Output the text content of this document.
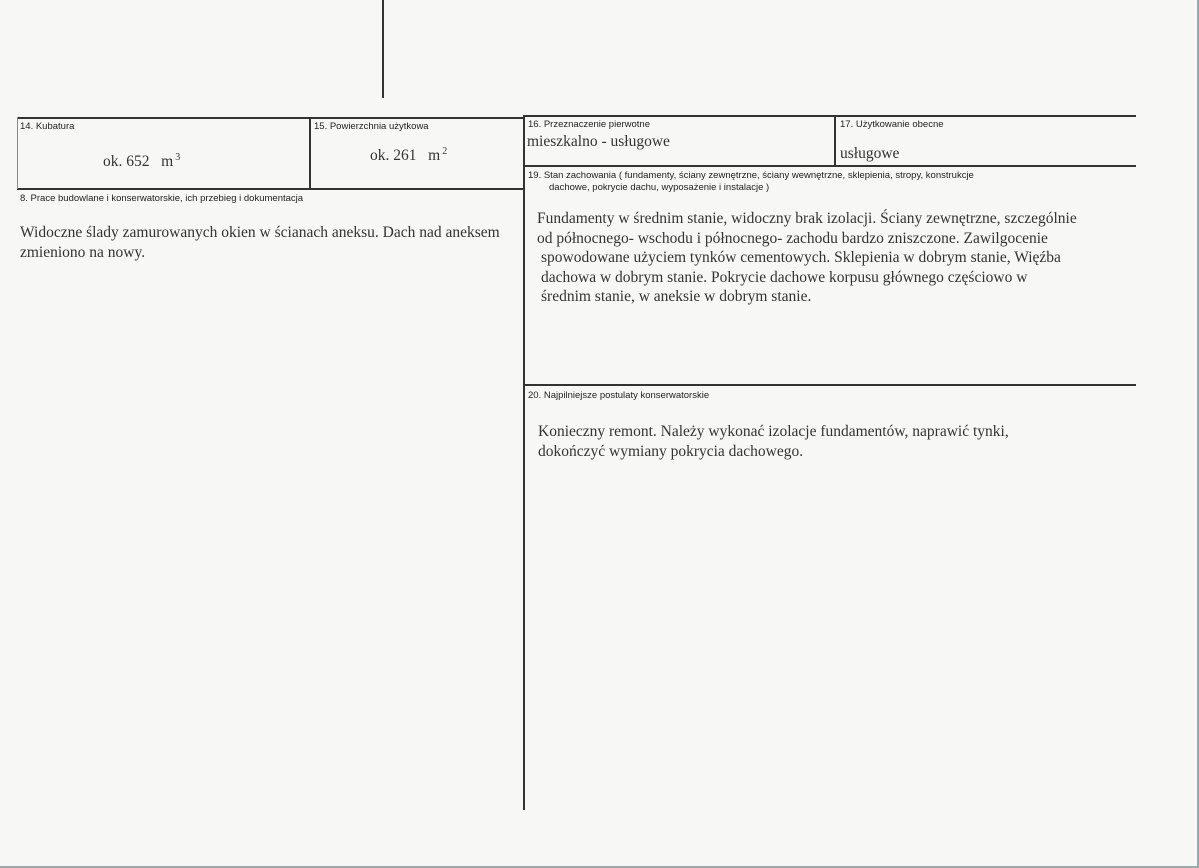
14. Kubatura
ok. 652 m $^3$
15. Powierzchnia użytkowa
ok. 261 m $^2$
16. Przeznaczenie pierwotne
mieszkalno - usługowe
17. Użytkowanie obecne
usługowe
8. Prace budowlane i konserwatorskie, ich przebieg i dokumentacja
Widoczne ślady zamurowanych okien w ścianach aneksu. Dach nad aneksem
zmieniono na nowy.
19. Stan zachowania ( fundamenty, ściany zewnętrzne, ściany wewnętrzne, sklepienia, stropy, konstrukcje
dachowe, pokrycie dachu, wyposażenie i instalacje )
Fundamenty w średnim stanie, widoczny brak izolacji. Ściany zewnętrzne, szczególnie
od północnego- wschodu i północnego- zachodu bardzo zniszczone. Zawilgocenie
spowodowane użyciem tynków cementowych. Sklepienia w dobrym stanie, Więźba
dachowa w dobrym stanie. Pokrycie dachowe korpusu głównego częściowo w
średnim stanie, w aneksie w dobrym stanie.
20. Najpilniejsze postulaty konserwatorskie
Konieczny remont. Należy wykonać izolacje fundamentów, naprawić tynki,
dokończyć wymiany pokrycia dachowego.
